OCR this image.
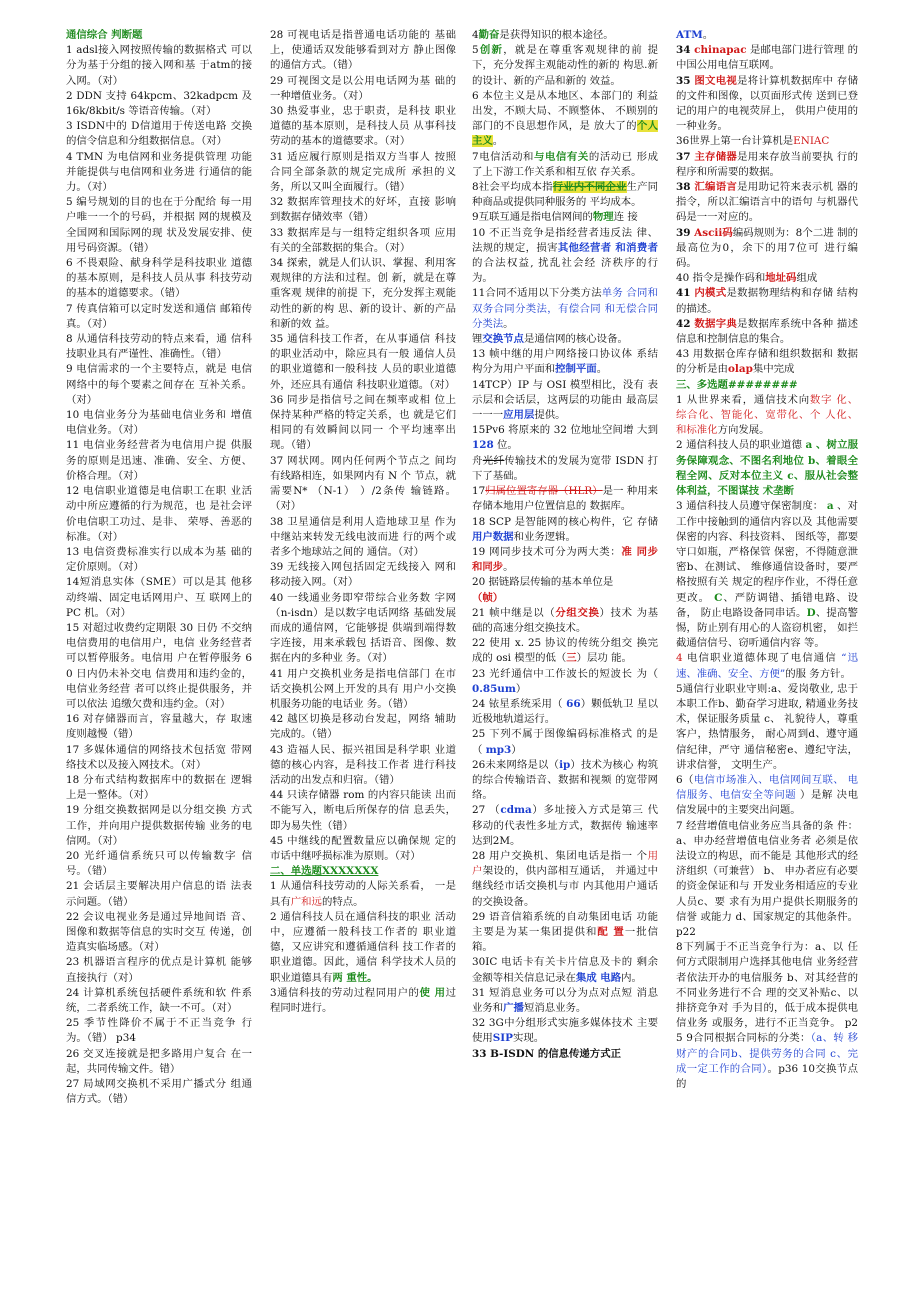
通信综合 判断题

1 adsl接入网按照传输的数据格式 可以分为基于分组的接入网和基 于atm的接入网。（对）

2 DDN 支持 64kpcm、32kadpcm 及16k/8kbit/s 等语音传输。（对）

3 ISDN中的 D信道用于传送电路 交换的信令信息和分组数据信息。（对）

4 TMN 为电信网和业务提供管理 功能并能提供与电信网和业务进 行通信的能力。（对）

5 编号规划的目的也在于分配给 每一用户唯一一个的号码，并根据 网的规模及全国网和国际网的现 状及发展安排、使用号码资源。（错）

6 不畏艰险、献身科学是科技职业 道德的基本原则，是科技人员从事 科技劳动的基本的道德要求。（错）

7 传真信箱可以定时发送和通信 邮箱传真。（对）

8 从通信科技劳动的特点来看，通 信科技职业具有严谨性、准确性。（错）

9 电信需求的一个主要特点，就是 电信网络中的每个要素之间存在 互补关系。（对）

10 电信业务分为基础电信业务和 增值电信业务。（对）

11 电信业务经营者为电信用户提 供服务的原则是迅速、准确、安全、方便、价格合理。（对）

12 电信职业道德是电信职工在职 业活动中所应遵循的行为规范，也 是社会评价电信职工功过、是非、 荣辱、善恶的标准。（对）

13 电信资费标准实行以成本为基 础的定价原则。（对）

14短消息实体（SME）可以是其 他移动终端、固定电话网用户、互 联网上的 PC 机。（对）

15 对超过收费约定期限 30 日仍 不交纳电信费用的电信用户，电信 业务经营者可以暂停服务。电信用 户在暂停服务 60 日内仍未补交电 信费用和违约金的，电信业务经营 者可以终止提供服务，并可以依法 追缴欠费和违约金。（对）

16 对存储器而言，容量越大，存 取速度则越慢（错）

17 多媒体通信的网络技术包括宽 带网络技术以及接入网技术。（对）

18 分布式结构数据库中的数据在 逻辑上是一整体。（对）

19 分组交换数据网是以分组交换 方式工作，并向用户提供数据传输 业务的电信网。（对）

20 光纤通信系统只可以传输数字 信号。（错）

21 会话层主要解决用户信息的语 法表示问题。（错）

22 会议电视业务是通过异地间语 音、图像和数据等信息的实时交互 传递，创造真实临场感。（对）

23 机器语言程序的优点是计算机 能够直接执行（对）

24 计算机系统包括硬件系统和软 件系统，二者系统工作，缺一不可。（对）

25 季节性降价不属于不正当竞争 行为。（错） p34

26 交叉连接就是把多路用户复合 在一起，共同传输文件。错）

27 局域网交换机不采用广播式分 组通信方式。（错）

28 可视电话是指普通电话功能的 基础上，使通话双发能够看到对方 静止图像的通信方式。（错）

29 可视图文是以公用电话网为基 础的一种增值业务。（对）

30 热爱事业，忠于职责，是科技 职业道德的基本原则，是科技人员 从事科技劳动的基本的道德要求。（对）

31 适应履行原则是指双方当事人 按照合同全部条款的规定完成所 承担的义务，所以又叫全面履行。（错）

32 数据库管理技术的好坏，直接 影响到数据存储效率（错）

33 数据库是与一组特定组织各项 应用有关的全部数据的集合。（对）

34 探索，就是人们认识、掌握、利用客观规律的方法和过程。创 新，就是在尊重客观 规律的前提 下，充分发挥主观能动性的新的构 思、新的设计、新的产品和新的效 益。

35 通信科技工作者，在从事通信 科技的职业活动中，除应具有一般 通信人员的职业道德和一般科技 人员的职业道德外，还应具有通信 科技职业道德。（对）

36 同步是指信号之间在频率或相 位上保持某种严格的特定关系，也 就是它们相同的有效瞬间以同一 个平均速率出现。（错）

37 网状网。网内任何两个节点之 间均有线路相连，如果网内有 N 个 节点，就需要N* （N-1） ）/2条传 输链路。（对）

38 卫星通信是利用人造地球卫星 作为中继站来转发无线电波而进 行的两个或者多个地球站之间的 通信。（对）

39 无线接入网包括固定无线接入 网和移动接入网。（对）

40 一线通业务即窄带综合业务数 字网（n-isdn）是以数字电话网络 基础发展而成的通信网，它能够提 供端到端得数字连接，用来承载包 括语音、图像、数据在内的多种业 务。（对）

41 用户交换机业务是指电信部门 在市话交换机公网上开发的具有 用户小交换机服务功能的电话业 务。（错）

42 越区切换是移动台发起，网络 辅助完成的。（错）

43 造福人民、振兴祖国是科学职 业道德的核心内容，是科技工作者 进行科技活动的出发点和归宿。（错）

44 只读存储器 rom 的内容只能读 出而不能写入，断电后所保存的信 息丢失，即为易失性（错）

45 中继线的配置数量应以确保规 定的市话中继呼损标准为原则。（对）

二、单选题XXXXXXX

1 从通信科技劳动的人际关系看， 一是具有广和远的特点。

2 通信科技人员在通信科技的职业 活动中，应遵循一般科技工作者的 职业道德，又应讲究和遵循通信科 技工作者的职业道德。因此，通信 科学技术人员的职业道德具有两 重性。

3通信科技的劳动过程同用户的使 用过程同时进行。

4勤奋是获得知识的根本途径。

5创新，就是在尊重客观规律的前 提下，充分发挥主观能动性的新的 构思.新的设计、新的产品和新的 效益。

6 本位主义是从本地区、本部门的 利益出发，不顾大局、不顾整体、 不顾别的部门的不良思想作风，是 放大了的个人主义。

7电信活动和与电信有关的活动已 形成了上下游工作关系和相互依 存关系。

8社会平均成本指行业内不同企业生产同种商品或提供同种服务的 平均成本。

9互联互通是指电信网间的物理连 接

10 不正当竞争是指经营者违反法 律、法规的规定，损害其他经营者 和消费者的合法权益, 扰乱社会经 济秩序的行为。

11合同不适用以下分类方法单务 合同和双务合同分类法，有偿合同 和无偿合同分类法。

锂交换节点是通信网的核心设备。

13 帧中继的用户网络接口协议体 系结构分为用户平面和控制平面。

14TCP）IP 与 OSI 模型相比，没有 表示层和会话层，这两层的功能由 最高层一一一应用层提供。

15Pv6 将原来的 32 位地址空间增 大到 128 位。

舟光纤传输技术的发展为宽带 ISDN 打下了基础。

17归属位置寄存器（HLR）是一 种用来存储本地用户位置信息的 数据库。

18 SCP 是智能网的核心构件，它 存储用户数据和业务逻辑。

19 网同步技术可分为两大类：准 同步和同步。

20 据链路层传输的基本单位是
（帧）

21 帧中继是以（分组交换）技术 为基础的高速分组交换技术。

22 使用 x. 25 协议的传统分组交 换完成的 osi 模型的低（三）层功 能。

23 光纤通信中工作波长的短波长 为（ 0.85um）

24 铱星系统采用（ 66）颗低轨卫 星以近极地轨道运行。

25 下列不属于图像编码标准格式 的是（ mp3）

26未来网络是以（ip）技术为核心 构筑的综合传输语音、数据和视频 的宽带网络。

27 （cdma）多址接入方式是第三 代移动的代表性多址方式，数据传 输速率达到2M。

28 用户交换机、集团电话是指一 个用户架设的，供内部相互通话， 并通过中继线经市话交换机与市 内其他用户通话的交换设备。

29 语音信箱系统的自动集团电话 功能主要是为某一集团提供和配 置一批信箱。

30IC 电话卡有关卡片信息及卡的 剩余金额等相关信息记录在集成 电路内。

31 短消息业务可以分为点对点短 消息业务和广播短消息业务。

32 3G中分组形式实施多媒体技术 主要使用SIP实现。

33 B-ISDN 的信息传递方式正

ATM。

34 chinapac 是邮电部门进行管理 的中国公用电信互联网。

35 图文电视是将计算机数据库中 存储的文件和图像，以页面形式传 送到已登记的用户的电视荧屏上， 供用户使用的一种业务。

36世界上第一台计算机是ENIAC

37 主存储器是用来存放当前要执 行的程序和所需要的数据。

38 汇编语言是用助记符来表示机 器的指令，所以汇编语言中的语句 与机器代码是一一对应的。

39 Ascii码编码规则为：8个二进 制的最高位为0，余下的用7位可 进行编码。

40 指令是操作码和地址码组成

41 内模式是数据物理结构和存储 结构的描述。

42 数据字典是数据库系统中各种 描述信息和控制信息的集合。

43 用数据仓库存储和组织数据和 数据的分析是由olap集中完成

三、多选题########

1 从世界来看，通信技术向数字 化、 综合化、智能化、宽带化、个 人化、 和标准化方向发展。

2 通信科技人员的职业道德 a 、树立服务保障观念、不图名利地位 b、着眼全程全网、反对本位主义 c、服从社会整体利益，不图谋技 术垄断

3 通信科技人员遵守保密制度： a 、对工作中接触到的通信内容以及 其他需要保密的内容、科技资料、 图纸等，都要守口如瓶，严格保管 保密，不得随意泄密b、在测试、 维修通信设备时，要严格按照有关 规定的程序作业，不得任意更改。 C、严防调错、插错电路、设备， 防止电路设备同串话。D、提高警 惕，防止别有用心的人盗窃机密， 如拦截通信信号、窃听通信内容 等。

4 电信职业道德体现了电信通信 “迅速、准确、安全、方便”的服 务方针。

5通信行业职业守则:a、爱岗敬业, 忠于本职工作b、勤奋学习进取, 精通业务技术，保证服务质量 c、 礼貌待人，尊重客户，热情服务， 耐心周到d、遵守通信纪律，严守 通信秘密e、遵纪守法，讲求信誉， 文明生产。

6（电信市场准入、电信网间互联、 电信服务、电信安全等问题 ）是解 决电信发展中的主要突出问题。

7 经营增值电信业务应当具备的条 件：a、申办经营增值电信业务者 必须是依法设立的构思，而不能是 其他形式的经济组织（可兼营） b、 申办者应有必要的资金保证和与 开发业务相适应的专业人员c、要 求有为用户提供长期服务的信誉 或能力 d、国家规定的其他条件。 p22

8下列属于不正当竞争行为：a、以 任何方式限制用户选择其他电信 业务经营者依法开办的电信服务 b、对其经营的不同业务进行不合 理的交叉补贴c、以排挤竞争对 手为目的，低于成本提供电信业务 或服务，进行不正当竞争。 p25 9合同根据合同标的分类：（a、转 移财产的合同b、提供劳务的合同 c、完成一定工作的合同）。p36 10交换节点的
